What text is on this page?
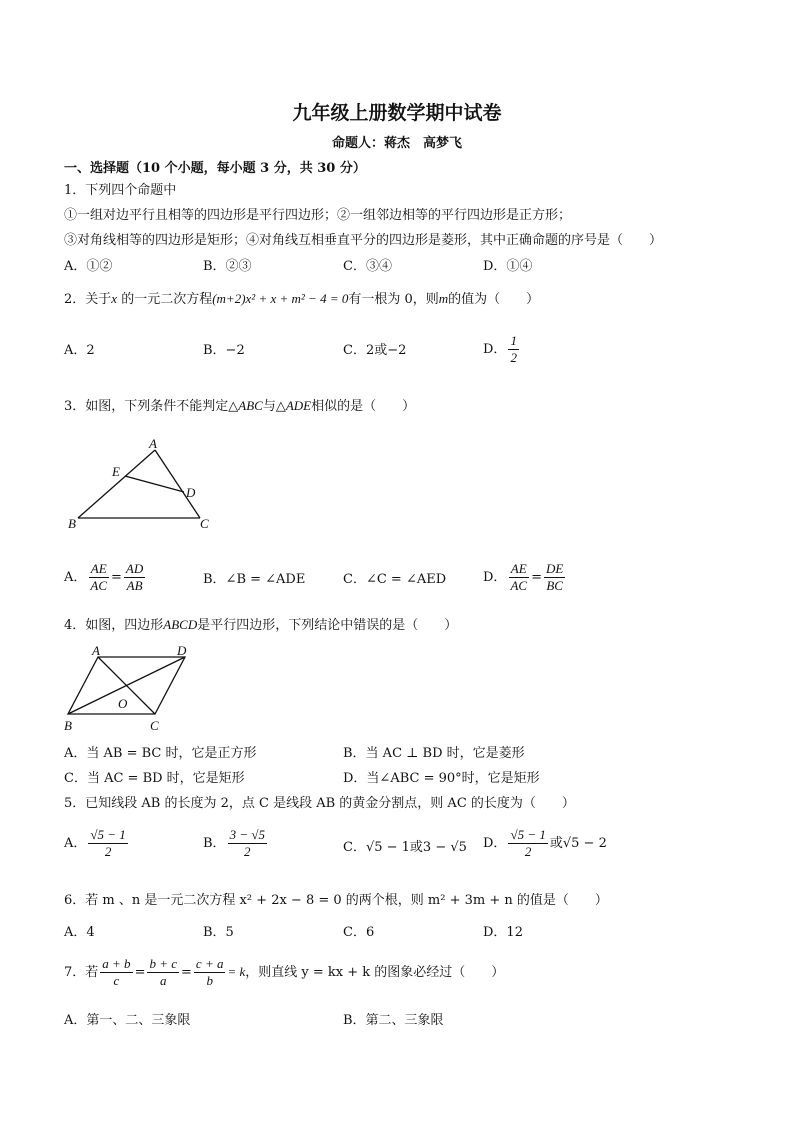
九年级上册数学期中试卷
命题人：蒋杰　高梦飞
一、选择题（10 个小题，每小题 3 分，共 30 分）
1．下列四个命题中
①一组对边平行且相等的四边形是平行四边形；②一组邻边相等的平行四边形是正方形；
③对角线相等的四边形是矩形；④对角线互相垂直平分的四边形是菱形，其中正确命题的序号是（　　）
A．①②	B．②③	C．③④	D．①④
2．关于x 的一元二次方程(m+2)x² + x + m² − 4 = 0有一根为 0，则m的值为（　　）
A．2	B．−2	C．2或−2	D． $\frac{1}{2}$
3．如图，下列条件不能判定△ABC与△ADE相似的是（　　）
A
E
D
B	C
A． $\frac{AE}{AC} = \frac{AD}{AB}$	B．∠B = ∠ADE	C．∠C = ∠AED	D． $\frac{AE}{AC} = \frac{DE}{BC}$
4．如图，四边形ABCD是平行四边形，下列结论中错误的是（　　）
A	D
O
B	C
A．当 AB = BC 时，它是正方形	B．当 AC ⊥ BD 时，它是菱形
C．当 AC = BD 时，它是矩形	D．当∠ABC = 90°时，它是矩形
5．已知线段 AB 的长度为 2，点 C 是线段 AB 的黄金分割点，则 AC 的长度为（　　）
A． $\frac{√5 - 1}{2}$	B． $\frac{3 - √5}{2}$	C．√5 − 1或3 − √5 D． $\frac{√5 - 1}{2}$ 或√5 − 2
6．若 m 、n 是一元二次方程 x² + 2x − 8 = 0 的两个根，则 m² + 3m + n 的值是（　　）
A．4	B．5	C．6	D．12
7．若 $\frac{a + b}{c} = \frac{b + c}{a} = \frac{c + a}{b} = k$，则直线 y = kx + k 的图象必经过（　　）
A．第一、二、三象限	B．第二、三象限
